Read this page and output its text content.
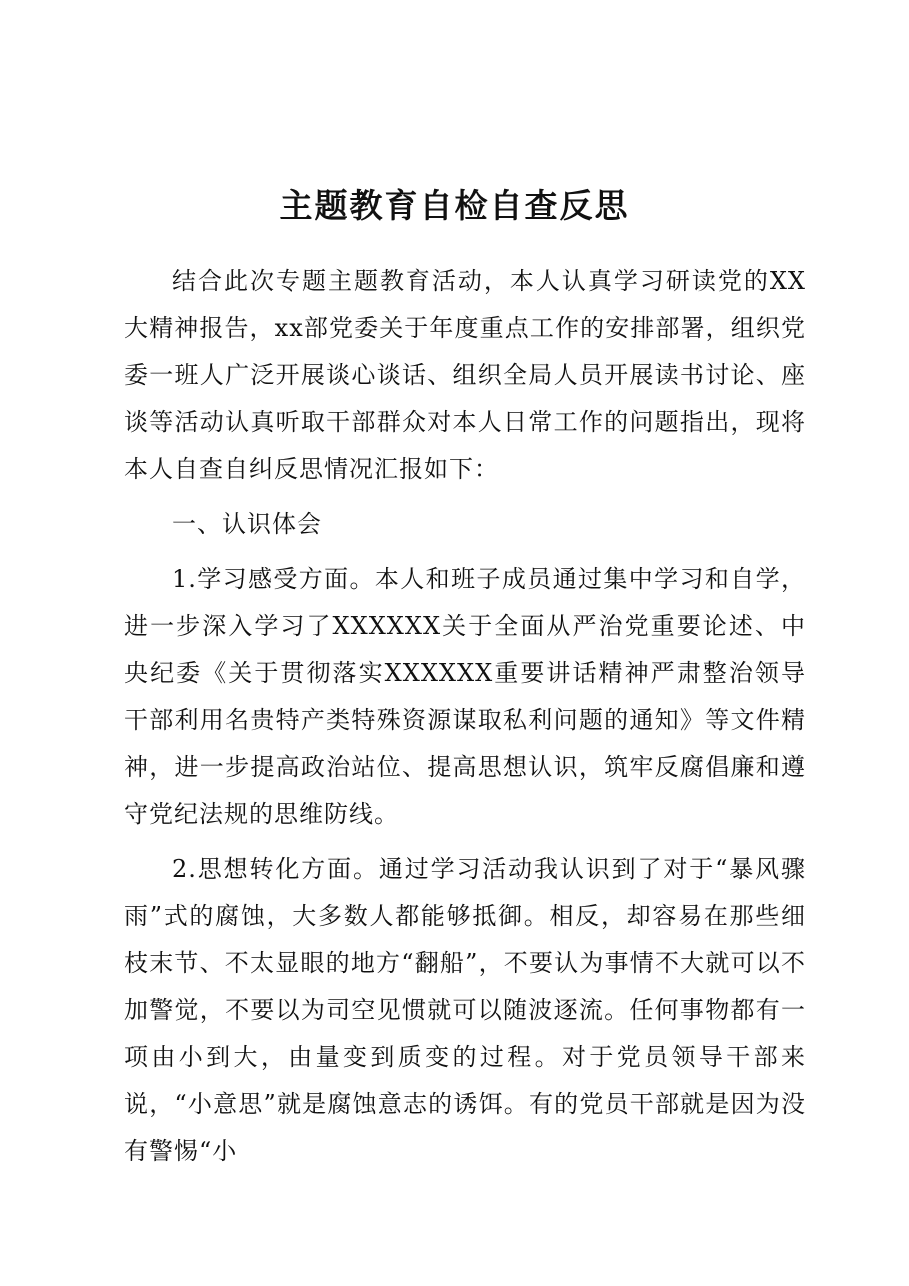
主题教育自检自查反思

结合此次专题主题教育活动，本人认真学习研读党的XX大精神报告，xx部党委关于年度重点工作的安排部署，组织党委一班人广泛开展谈心谈话、组织全局人员开展读书讨论、座谈等活动认真听取干部群众对本人日常工作的问题指出，现将本人自查自纠反思情况汇报如下：

一、认识体会

1.学习感受方面。本人和班子成员通过集中学习和自学，进一步深入学习了XXXXXX关于全面从严治党重要论述、中央纪委《关于贯彻落实XXXXXX重要讲话精神严肃整治领导干部利用名贵特产类特殊资源谋取私利问题的通知》等文件精神，进一步提高政治站位、提高思想认识，筑牢反腐倡廉和遵守党纪法规的思维防线。

2.思想转化方面。通过学习活动我认识到了对于“暴风骤雨”式的腐蚀，大多数人都能够抵御。相反，却容易在那些细枝末节、不太显眼的地方“翻船”，不要认为事情不大就可以不加警觉，不要以为司空见惯就可以随波逐流。任何事物都有一项由小到大，由量变到质变的过程。对于党员领导干部来说，“小意思”就是腐蚀意志的诱饵。有的党员干部就是因为没有警惕“小
